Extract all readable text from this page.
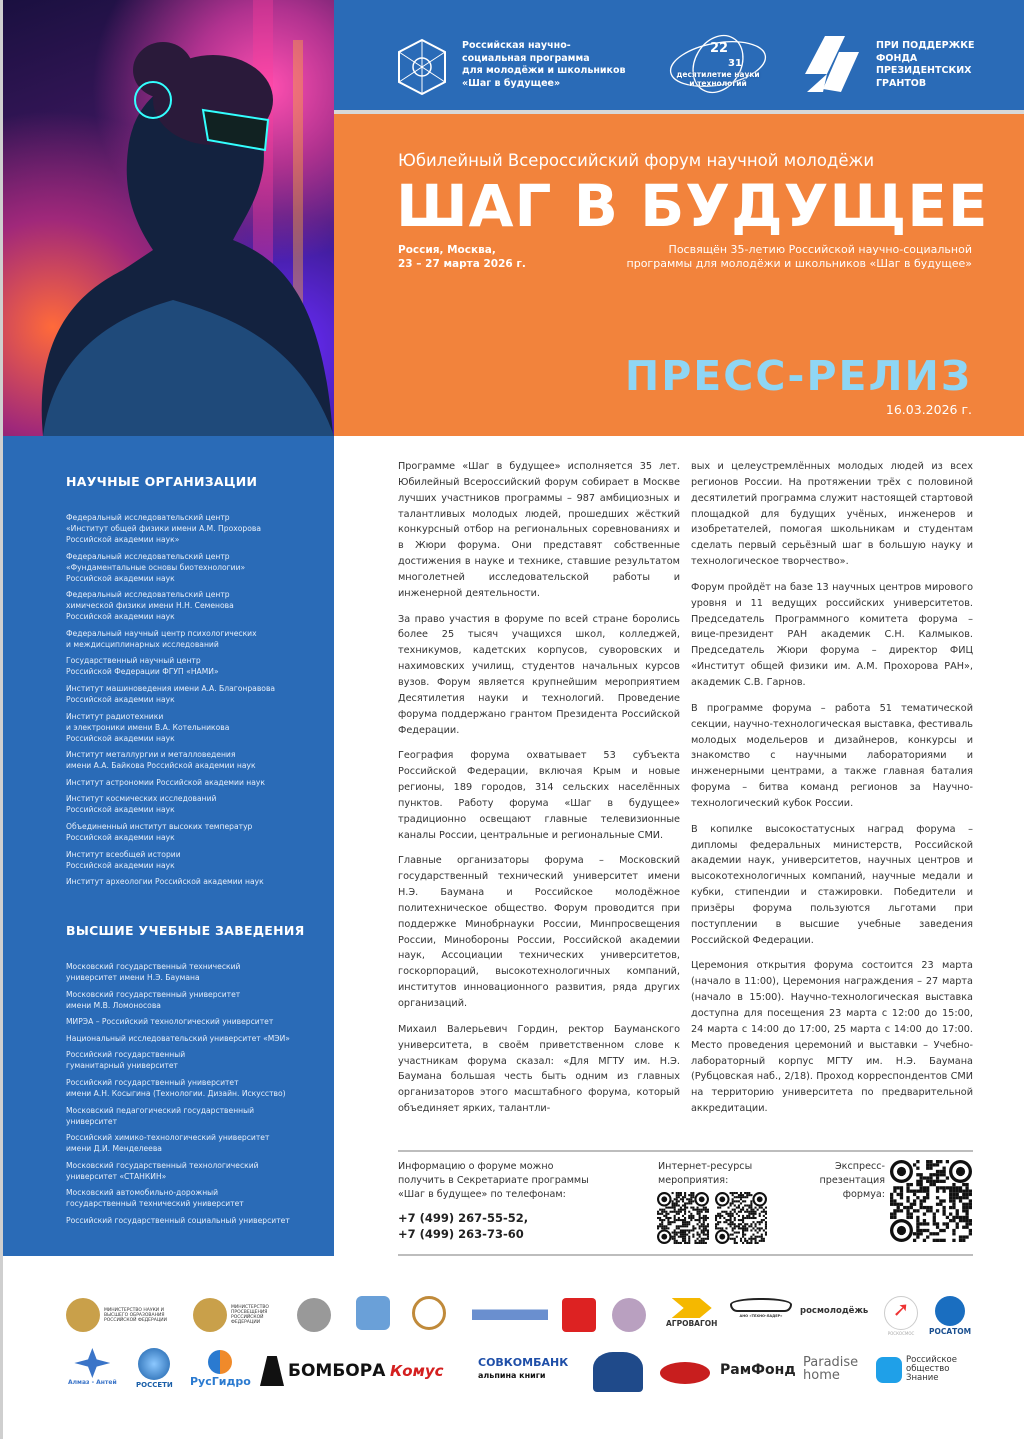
Российская научно-
социальная программа
для молодёжи и школьников
«Шаг в будущее»
22
31
десятилетие науки и технологий
ПРИ ПОДДЕРЖКЕ
ФОНДА
ПРЕЗИДЕНТСКИХ
ГРАНТОВ
Юбилейный Всероссийский форум научной молодёжи
ШАГ В БУДУЩЕЕ
Россия, Москва,
23 – 27 марта 2026 г.
Посвящён 35-летию Российской научно-социальной
программы для молодёжи и школьников «Шаг в будущее»
ПРЕСС-РЕЛИЗ
16.03.2026 г.
НАУЧНЫЕ ОРГАНИЗАЦИИ
Федеральный исследовательский центр
«Институт общей физики имени А.М. Прохорова
Российской академии наук»
Федеральный исследовательский центр
«Фундаментальные основы биотехнологии»
Российской академии наук
Федеральный исследовательский центр
химической физики имени Н.Н. Семенова
Российской академии наук
Федеральный научный центр психологических
и междисциплинарных исследований
Государственный научный центр
Российской Федерации ФГУП «НАМИ»
Институт машиноведения имени А.А. Благонравова
Российской академии наук
Институт радиотехники
и электроники имени В.А. Котельникова
Российской академии наук
Институт металлургии и металловедения
имени А.А. Байкова Российской академии наук
Институт астрономии Российской академии наук
Институт космических исследований
Российской академии наук
Объединенный институт высоких температур
Российской академии наук
Институт всеобщей истории
Российской академии наук
Институт археологии Российской академии наук
ВЫСШИЕ УЧЕБНЫЕ ЗАВЕДЕНИЯ
Московский государственный технический
университет имени Н.Э. Баумана
Московский государственный университет
имени М.В. Ломоносова
МИРЭА – Российский технологический университет
Национальный исследовательский университет «МЭИ»
Российский государственный
гуманитарный университет
Российский государственный университет
имени А.Н. Косыгина (Технологии. Дизайн. Искусство)
Московский педагогический государственный
университет
Российский химико-технологический университет
имени Д.И. Менделеева
Московский государственный технологический
университет «СТАНКИН»
Московский автомобильно-дорожный
государственный технический университет
Российский государственный социальный университет

Программе «Шаг в будущее» исполняется 35 лет. Юбилейный Всероссийский форум собирает в Москве лучших участников программы – 987 амбициозных и талантливых молодых людей, прошедших жёсткий конкурсный отбор на региональных соревнованиях и в Жюри форума. Они представят собственные достижения в науке и технике, ставшие результатом многолетней исследовательской работы и инженерной деятельности.

За право участия в форуме по всей стране боролись более 25 тысяч учащихся школ, колледжей, техникумов, кадетских корпусов, суворовских и нахимовских училищ, студентов начальных курсов вузов. Форум является крупнейшим мероприятием Десятилетия науки и технологий. Проведение форума поддержано грантом Президента Российской Федерации.

География форума охватывает 53 субъекта Российской Федерации, включая Крым и новые регионы, 189 городов, 314 сельских населённых пунктов. Работу форума «Шаг в будущее» традиционно освещают главные телевизионные каналы России, центральные и региональные СМИ.

Главные организаторы форума – Московский государственный технический университет имени Н.Э. Баумана и Российское молодёжное политехническое общество. Форум проводится при поддержке Минобрнауки России, Минпросвещения России, Минобороны России, Российской академии наук, Ассоциации технических университетов, госкорпораций, высокотехнологичных компаний, институтов инновационного развития, ряда других организаций.

Михаил Валерьевич Гордин, ректор Бауманского университета, в своём приветственном слове к участникам форума сказал: «Для МГТУ им. Н.Э. Баумана большая честь быть одним из главных организаторов этого масштабного форума, который объединяет ярких, талантли-

вых и целеустремлённых молодых людей из всех регионов России. На протяжении трёх с половиной десятилетий программа служит настоящей стартовой площадкой для будущих учёных, инженеров и изобретателей, помогая школьникам и студентам сделать первый серьёзный шаг в большую науку и технологическое творчество».

Форум пройдёт на базе 13 научных центров мирового уровня и 11 ведущих российских университетов. Председатель Программного комитета форума – вице-президент РАН академик С.Н. Калмыков. Председатель Жюри форума – директор ФИЦ «Институт общей физики им. А.М. Прохорова РАН», академик С.В. Гарнов.

В программе форума – работа 51 тематической секции, научно-технологическая выставка, фестиваль молодых модельеров и дизайнеров, конкурсы и знакомство с научными лабораториями и инженерными центрами, а также главная баталия форума – битва команд регионов за Научно-технологический кубок России.

В копилке высокостатусных наград форума – дипломы федеральных министерств, Российской академии наук, университетов, научных центров и высокотехнологичных компаний, научные медали и кубки, стипендии и стажировки. Победители и призёры форума пользуются льготами при поступлении в высшие учебные заведения Российской Федерации.

Церемония открытия форума состоится 23 марта (начало в 11:00), Церемония награждения – 27 марта (начало в 15:00). Научно-технологическая выставка доступна для посещения 23 марта с 12:00 до 15:00, 24 марта с 14:00 до 17:00, 25 марта с 14:00 до 17:00. Место проведения церемоний и выставки – Учебно-лабораторный корпус МГТУ им. Н.Э. Баумана (Рубцовская наб., 2/18). Проход корреспондентов СМИ на территорию университета по предварительной аккредитации.

Информацию о форуме можно
получить в Секретариате программы
«Шаг в будущее» по телефонам:
+7 (499) 267-55-52,
+7 (499) 263-73-60
Интернет-ресурсы
мероприятия:
Экспресс-
презентация
формуа:
МИНИСТЕРСТВО НАУКИ И ВЫСШЕГО ОБРАЗОВАНИЯ РОССИЙСКОЙ ФЕДЕРАЦИИ
МИНИСТЕРСТВО ПРОСВЕЩЕНИЯ РОССИЙСКОЙ ФЕДЕРАЦИИ	АГРОВАГОН
АНО «ТЕХНО-ЛАДЕР» росмолодёжь	➚
РОСКОСМОС РОСАТОМ
Алмаз - Антей	РОССЕТИ РусГидро
БОМБОРА Комус	СОВКОМБАНК
альпина книги	РамФонд Paradise home
Российское общество Знание
